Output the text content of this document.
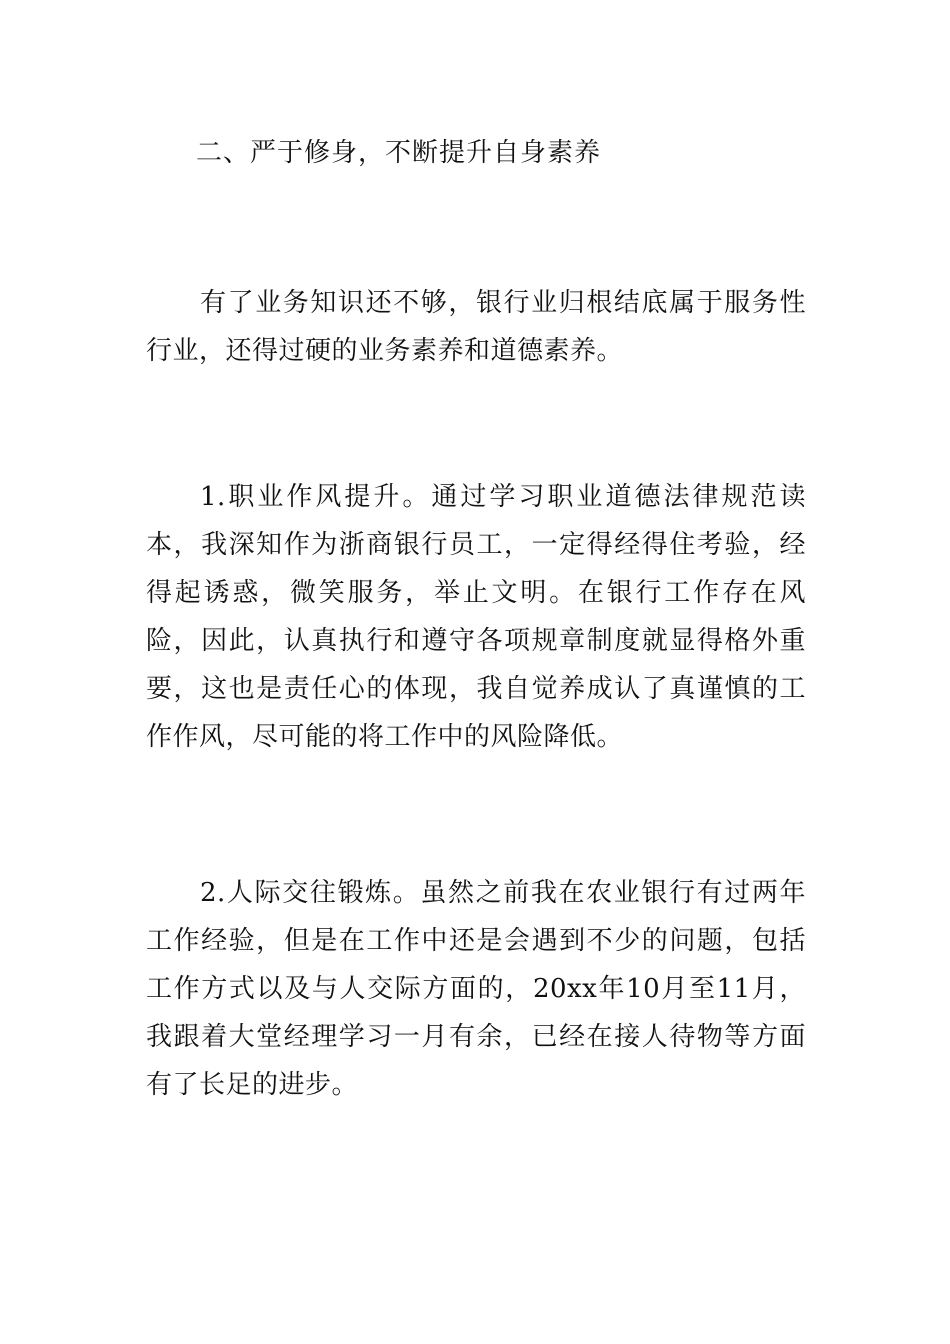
二、严于修身，不断提升自身素养

有了业务知识还不够，银行业归根结底属于服务性行业，还得过硬的业务素养和道德素养。

1.职业作风提升。通过学习职业道德法律规范读本，我深知作为浙商银行员工，一定得经得住考验，经得起诱惑，微笑服务，举止文明。在银行工作存在风险，因此，认真执行和遵守各项规章制度就显得格外重要，这也是责任心的体现，我自觉养成认了真谨慎的工作作风，尽可能的将工作中的风险降低。

2.人际交往锻炼。虽然之前我在农业银行有过两年工作经验，但是在工作中还是会遇到不少的问题，包括工作方式以及与人交际方面的，20xx年10月至11月，我跟着大堂经理学习一月有余，已经在接人待物等方面有了长足的进步。
